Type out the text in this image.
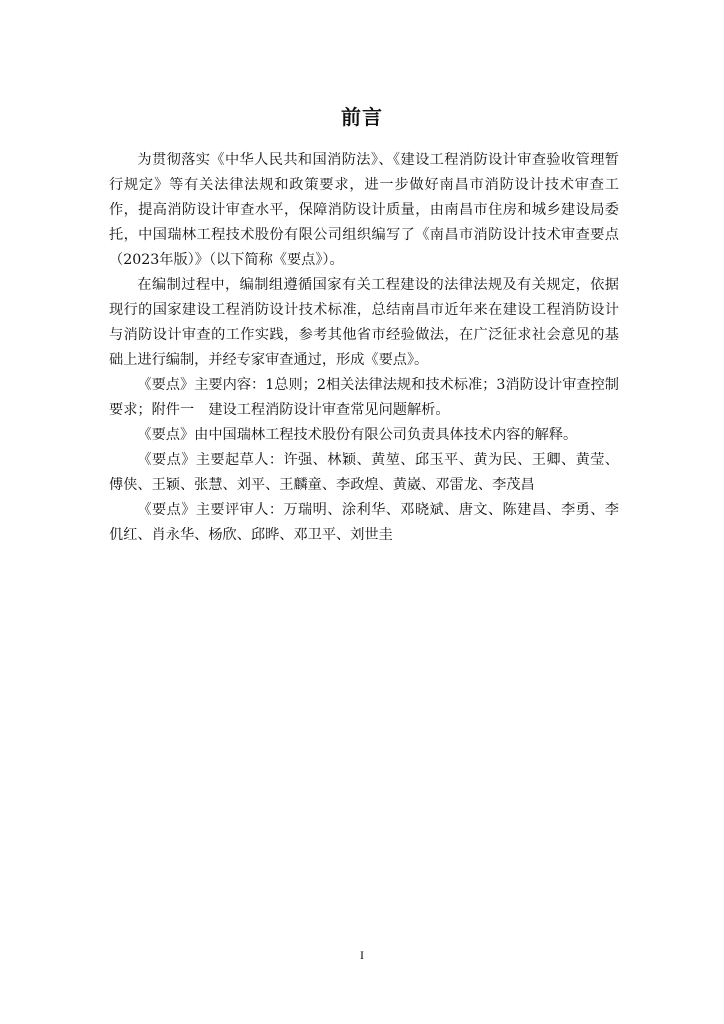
前言

为贯彻落实《中华人民共和国消防法》、《建设工程消防设计审查验收管理暂行规定》等有关法律法规和政策要求，进一步做好南昌市消防设计技术审查工作，提高消防设计审查水平，保障消防设计质量，由南昌市住房和城乡建设局委托，中国瑞林工程技术股份有限公司组织编写了《南昌市消防设计技术审查要点（2023年版）》（以下简称《要点》）。

在编制过程中，编制组遵循国家有关工程建设的法律法规及有关规定，依据现行的国家建设工程消防设计技术标准，总结南昌市近年来在建设工程消防设计与消防设计审查的工作实践，参考其他省市经验做法，在广泛征求社会意见的基础上进行编制，并经专家审查通过，形成《要点》。

《要点》主要内容：1总则；2相关法律法规和技术标准；3消防设计审查控制要求；附件一　建设工程消防设计审查常见问题解析。

《要点》由中国瑞林工程技术股份有限公司负责具体技术内容的解释。

《要点》主要起草人：许强、林颖、黄堃、邱玉平、黄为民、王卿、黄莹、傅侠、王颖、张慧、刘平、王麟童、李政煌、黄崴、邓雷龙、李茂昌

《要点》主要评审人：万瑞明、涂利华、邓晓斌、唐文、陈建昌、李勇、李仉红、肖永华、杨欣、邱晔、邓卫平、刘世圭

I
